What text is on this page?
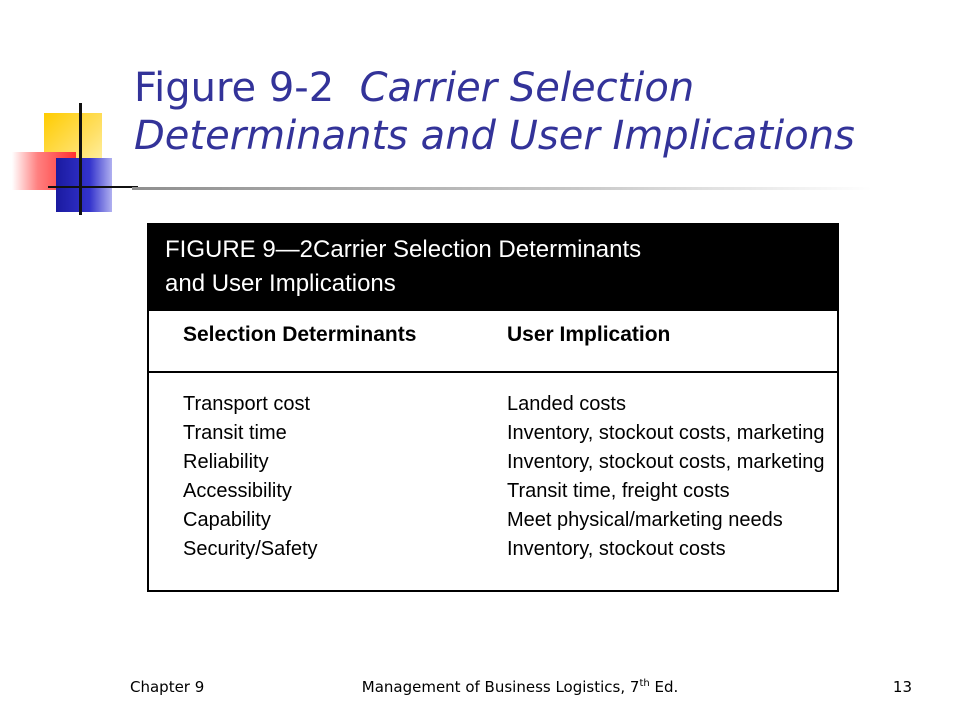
Figure 9-2 Carrier Selection Determinants and User Implications
FIGURE 9—2Carrier Selection Determinants
and User Implications
Selection Determinants	User Implication
Transport cost	Landed costs
Transit time	Inventory, stockout costs, marketing
Reliability	Inventory, stockout costs, marketing
Accessibility	Transit time, freight costs
Capability	Meet physical/marketing needs
Security/Safety	Inventory, stockout costs
Chapter 9	Management of Business Logistics, 7th Ed.	13
